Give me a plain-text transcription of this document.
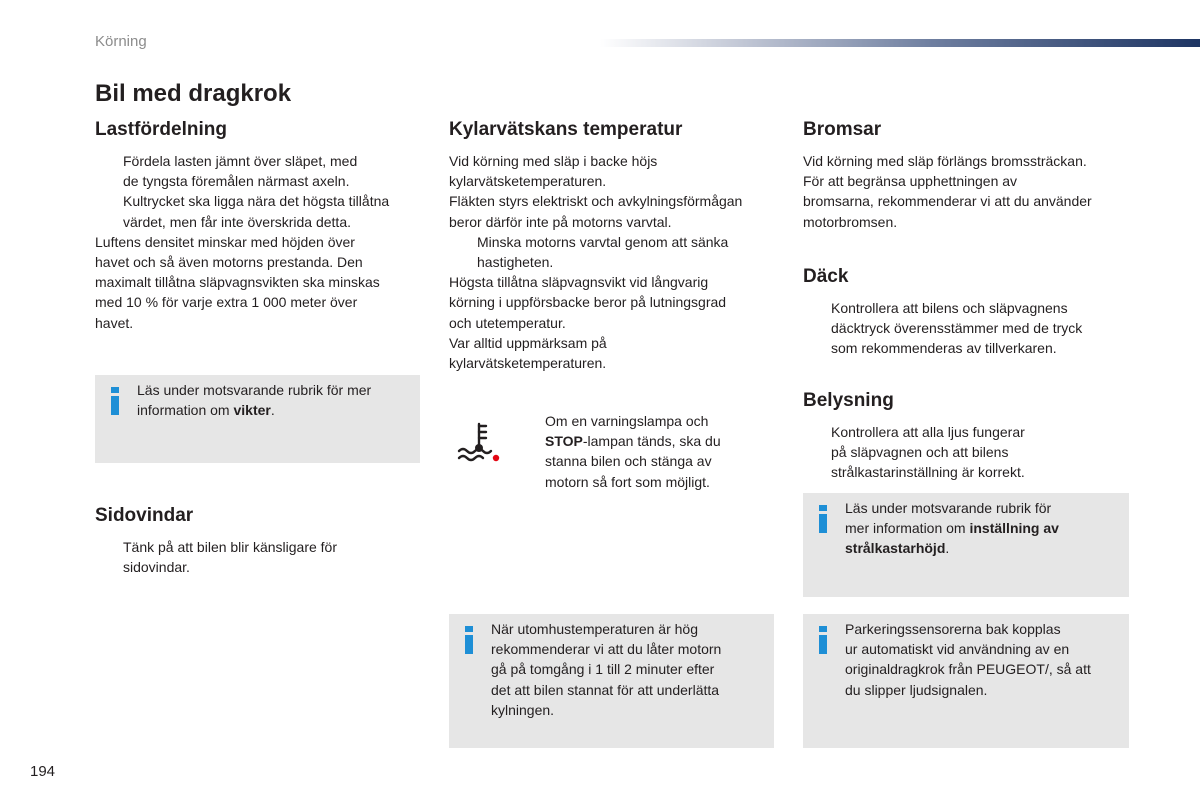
Körning
Bil med dragkrok
Lastfördelning
Fördela lasten jämnt över släpet, med
de tyngsta föremålen närmast axeln.
Kultrycket ska ligga nära det högsta tillåtna
värdet, men får inte överskrida detta.

Luftens densitet minskar med höjden över
havet och så även motorns prestanda. Den
maximalt tillåtna släpvagnsvikten ska minskas
med 10 % för varje extra 1 000 meter över
havet.

Läs under motsvarande rubrik för mer
information om vikter.
Sidovindar
Tänk på att bilen blir känsligare för
sidovindar.
Kylarvätskans temperatur

Vid körning med släp i backe höjs
kylarvätsketemperaturen.
Fläkten styrs elektriskt och avkylningsförmågan
beror därför inte på motorns varvtal.

Minska motorns varvtal genom att sänka
hastigheten.

Högsta tillåtna släpvagnsvikt vid långvarig
körning i uppförsbacke beror på lutningsgrad
och utetemperatur.
Var alltid uppmärksam på
kylarvätsketemperaturen.

Om en varningslampa och
STOP-lampan tänds, ska du
stanna bilen och stänga av
motorn så fort som möjligt.
När utomhustemperaturen är hög
rekommenderar vi att du låter motorn
gå på tomgång i 1 till 2 minuter efter
det att bilen stannat för att underlätta
kylningen.
Bromsar

Vid körning med släp förlängs bromssträckan.
För att begränsa upphettningen av
bromsarna, rekommenderar vi att du använder
motorbromsen.

Däck
Kontrollera att bilens och släpvagnens
däcktryck överensstämmer med de tryck
som rekommenderas av tillverkaren.
Belysning
Kontrollera att alla ljus fungerar
på släpvagnen och att bilens
strålkastarinställning är korrekt.
Läs under motsvarande rubrik för
mer information om inställning av
strålkastarhöjd.
Parkeringssensorerna bak kopplas
ur automatiskt vid användning av en
originaldragkrok från PEUGEOT/, så att
du slipper ljudsignalen.
194
